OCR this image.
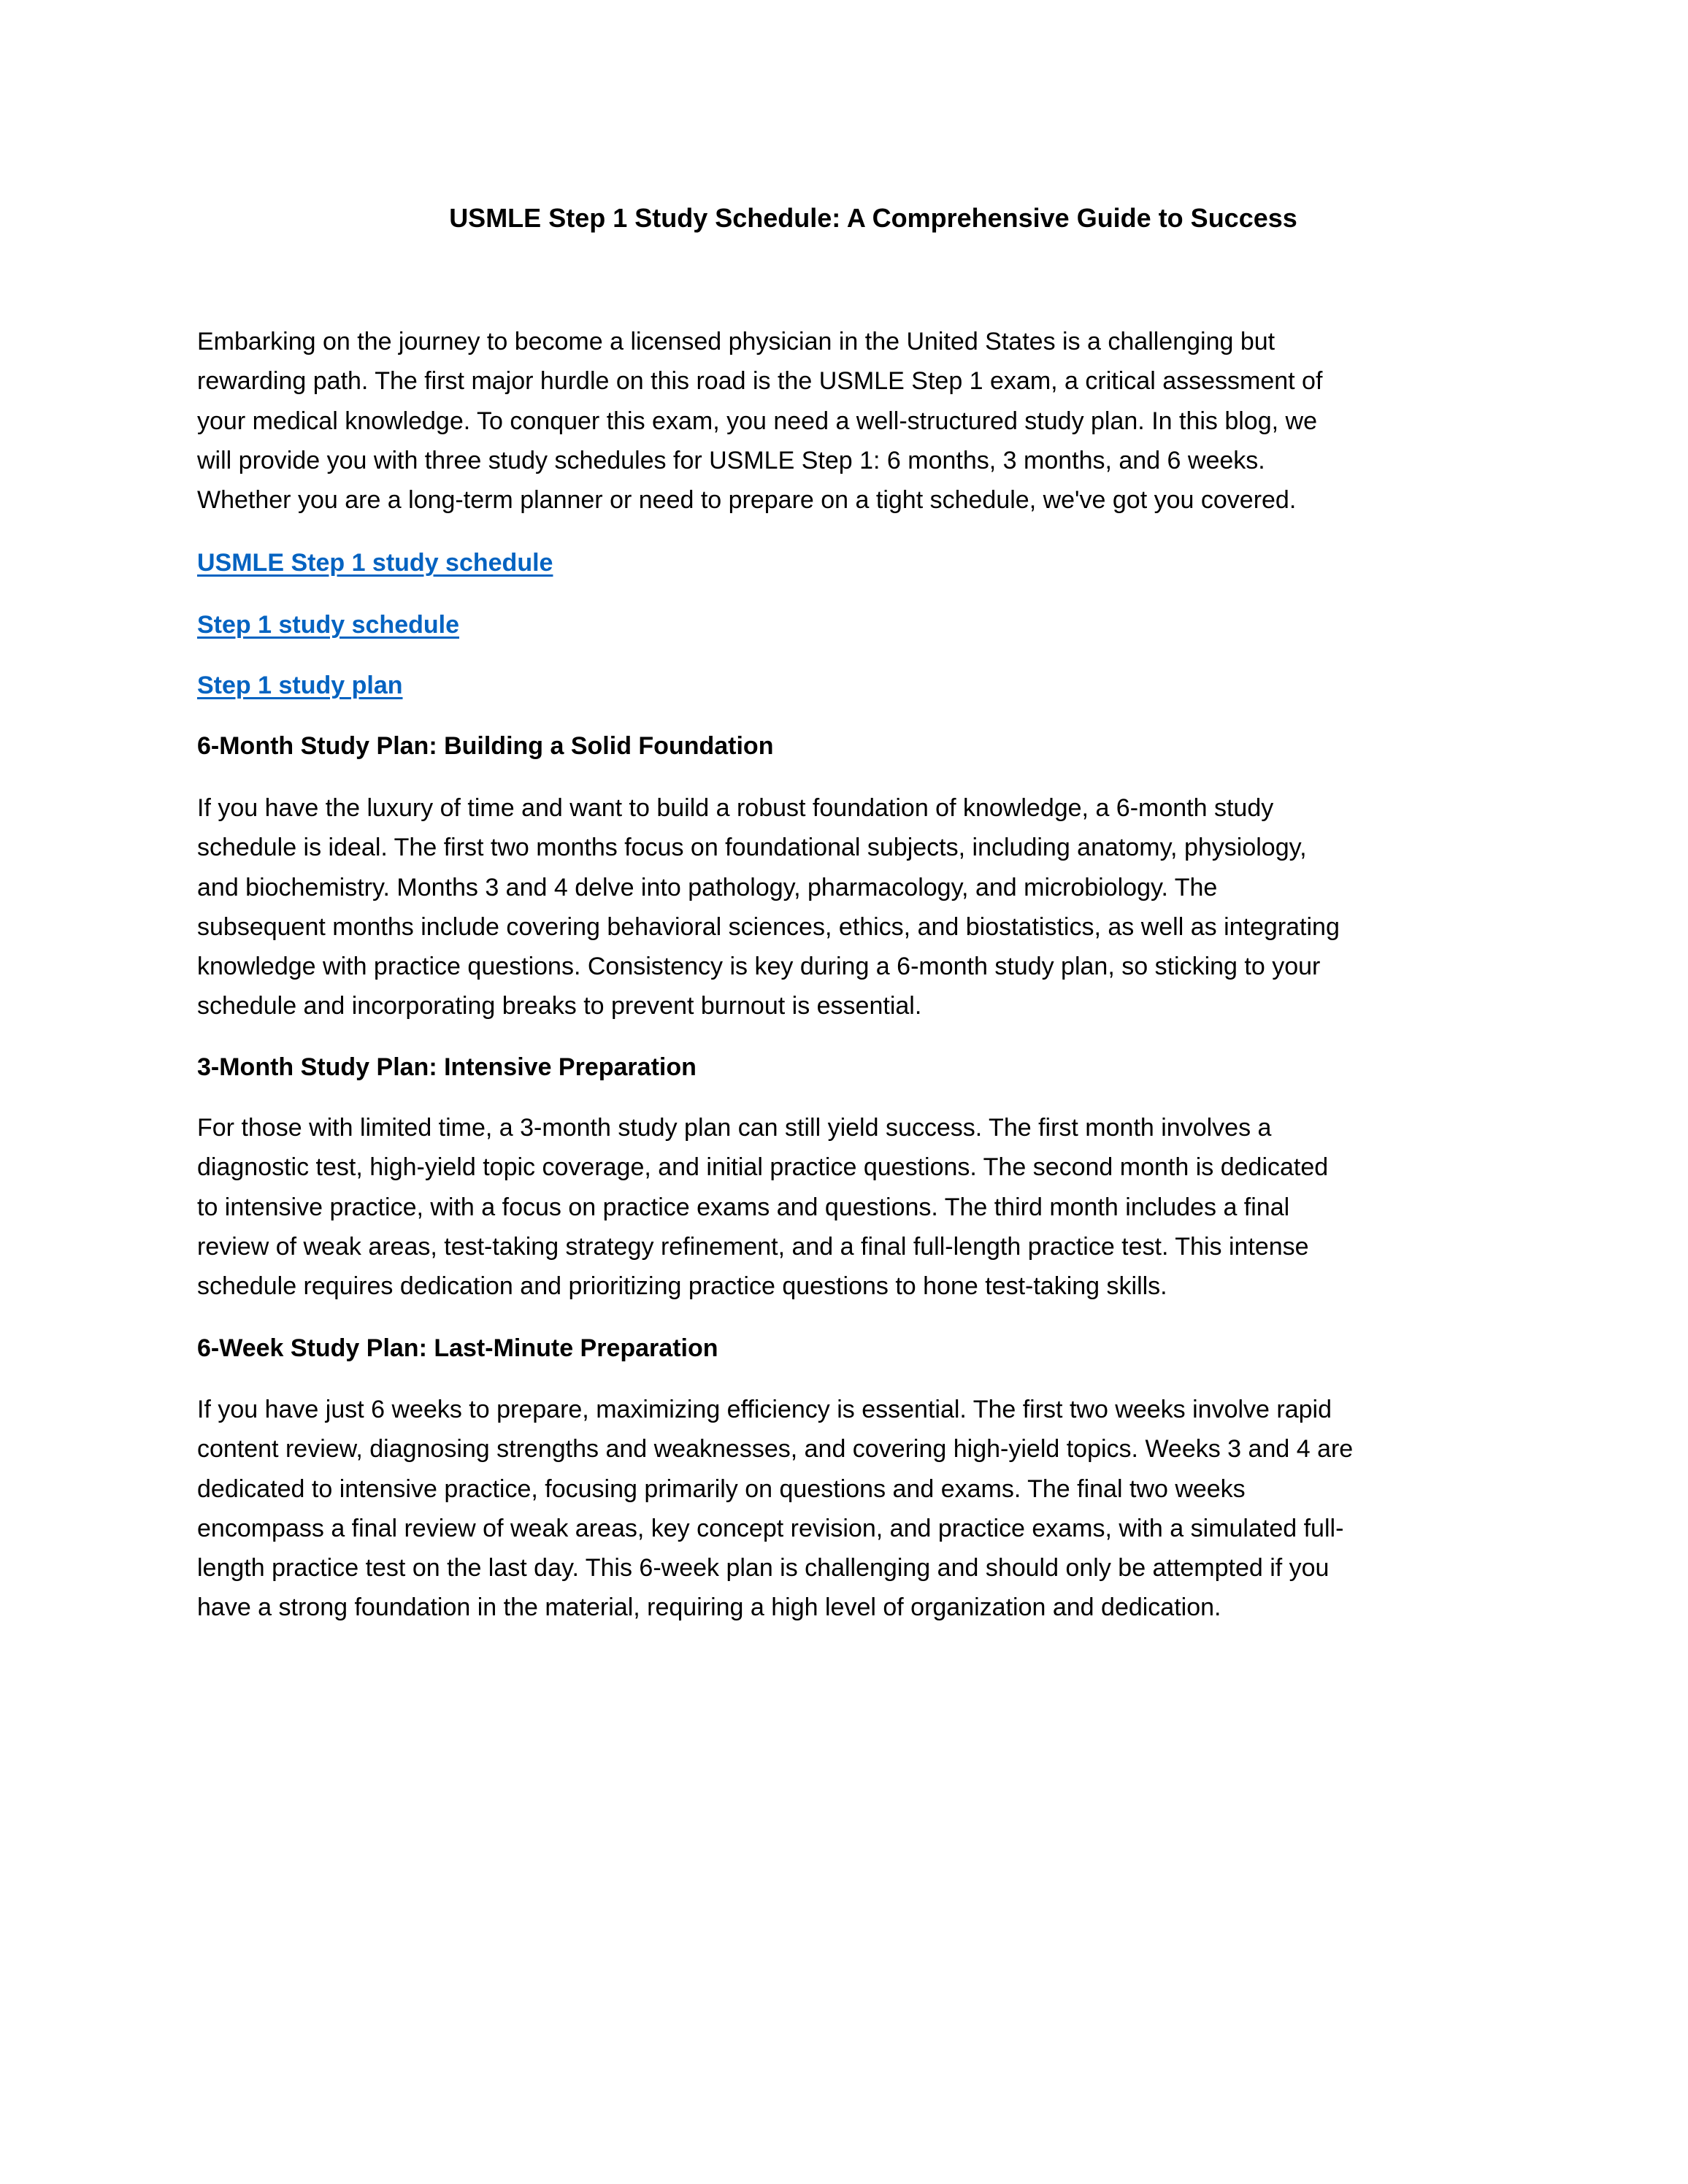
USMLE Step 1 Study Schedule: A Comprehensive Guide to Success
Embarking on the journey to become a licensed physician in the United States is a challenging but
rewarding path. The first major hurdle on this road is the USMLE Step 1 exam, a critical assessment of
your medical knowledge. To conquer this exam, you need a well-structured study plan. In this blog, we
will provide you with three study schedules for USMLE Step 1: 6 months, 3 months, and 6 weeks.
Whether you are a long-term planner or need to prepare on a tight schedule, we've got you covered.
USMLE Step 1 study schedule
Step 1 study schedule
Step 1 study plan
6-Month Study Plan: Building a Solid Foundation
If you have the luxury of time and want to build a robust foundation of knowledge, a 6-month study
schedule is ideal. The first two months focus on foundational subjects, including anatomy, physiology,
and biochemistry. Months 3 and 4 delve into pathology, pharmacology, and microbiology. The
subsequent months include covering behavioral sciences, ethics, and biostatistics, as well as integrating
knowledge with practice questions. Consistency is key during a 6-month study plan, so sticking to your
schedule and incorporating breaks to prevent burnout is essential.
3-Month Study Plan: Intensive Preparation
For those with limited time, a 3-month study plan can still yield success. The first month involves a
diagnostic test, high-yield topic coverage, and initial practice questions. The second month is dedicated
to intensive practice, with a focus on practice exams and questions. The third month includes a final
review of weak areas, test-taking strategy refinement, and a final full-length practice test. This intense
schedule requires dedication and prioritizing practice questions to hone test-taking skills.
6-Week Study Plan: Last-Minute Preparation
If you have just 6 weeks to prepare, maximizing efficiency is essential. The first two weeks involve rapid
content review, diagnosing strengths and weaknesses, and covering high-yield topics. Weeks 3 and 4 are
dedicated to intensive practice, focusing primarily on questions and exams. The final two weeks
encompass a final review of weak areas, key concept revision, and practice exams, with a simulated full-
length practice test on the last day. This 6-week plan is challenging and should only be attempted if you
have a strong foundation in the material, requiring a high level of organization and dedication.
